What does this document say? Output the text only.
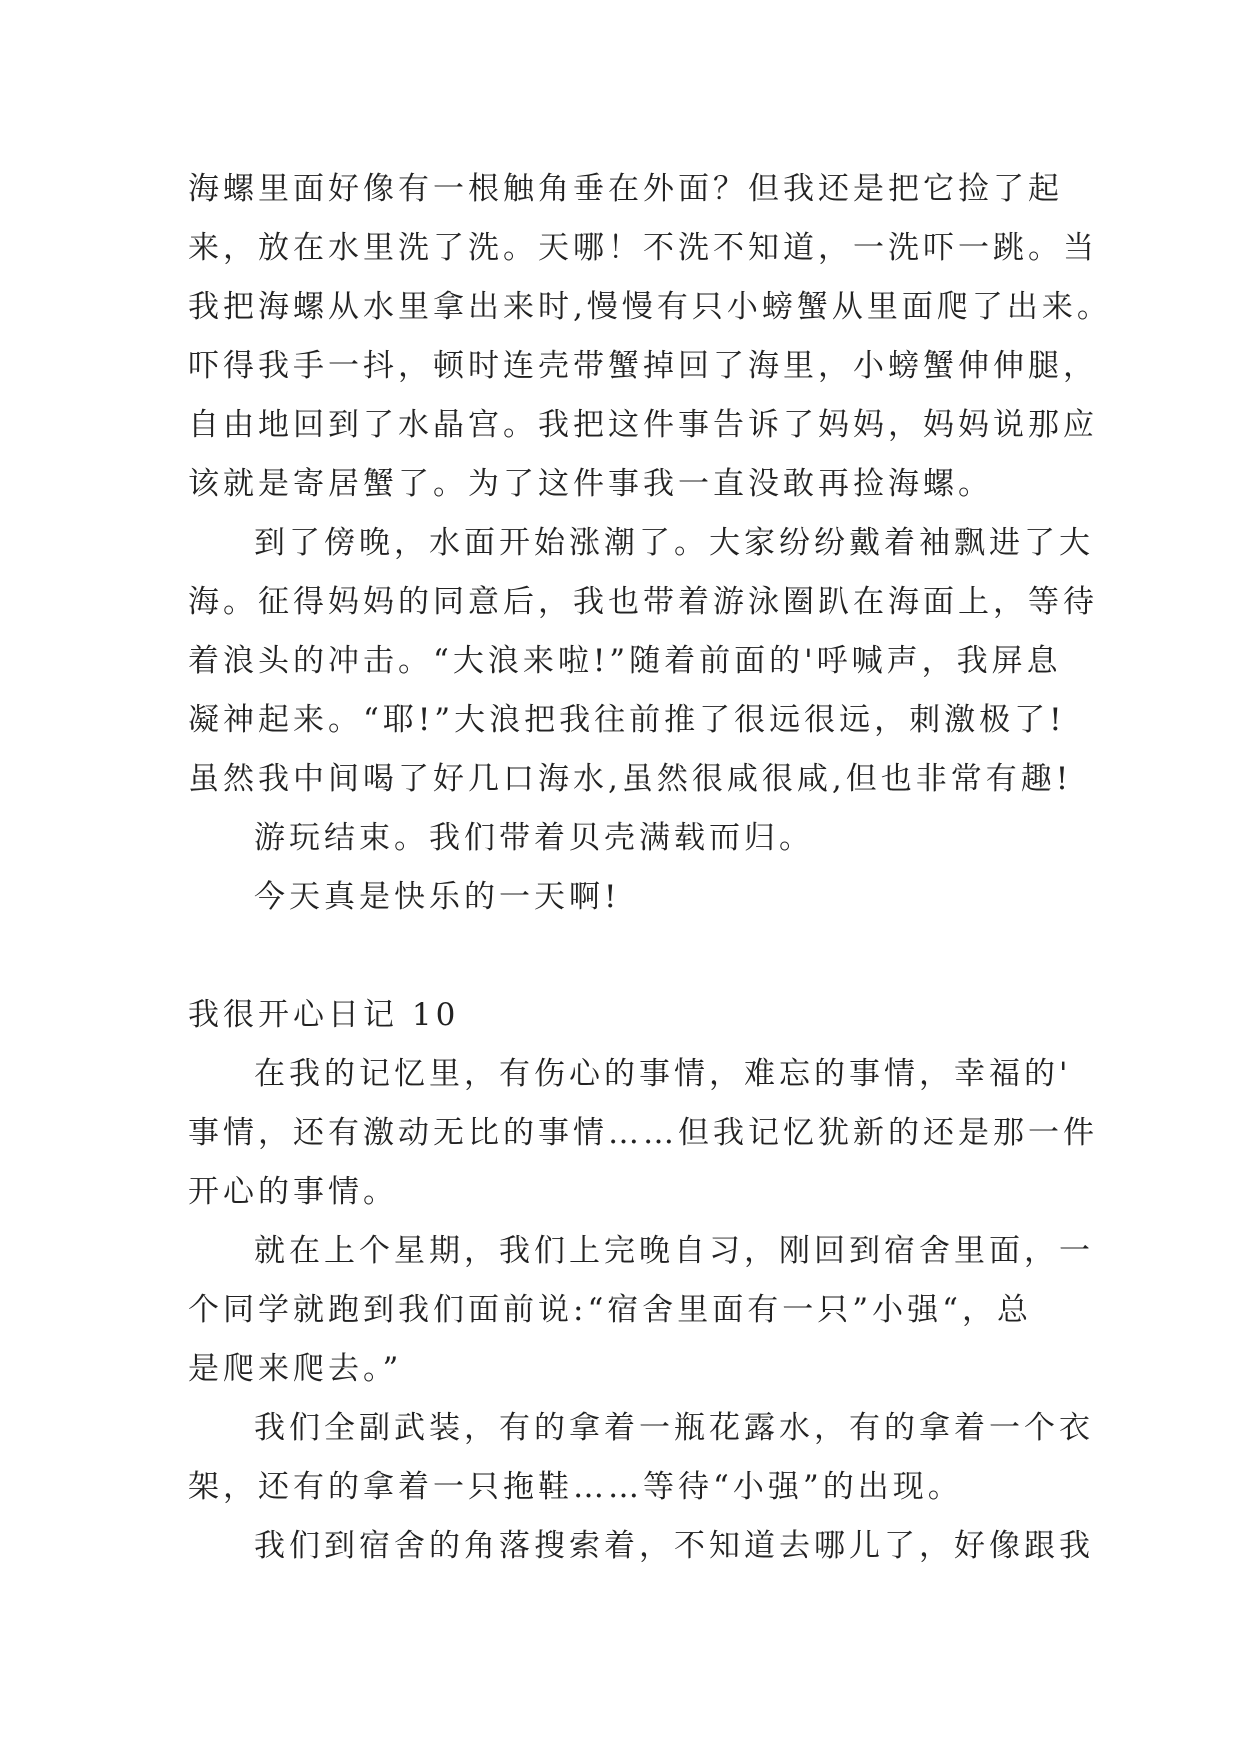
海螺里面好像有一根触角垂在外面？但我还是把它捡了起
来，放在水里洗了洗。天哪！不洗不知道，一洗吓一跳。当
我把海螺从水里拿出来时,慢慢有只小螃蟹从里面爬了出来。
吓得我手一抖，顿时连壳带蟹掉回了海里，小螃蟹伸伸腿，
自由地回到了水晶宫。我把这件事告诉了妈妈，妈妈说那应
该就是寄居蟹了。为了这件事我一直没敢再捡海螺。
到了傍晚，水面开始涨潮了。大家纷纷戴着袖飘进了大
海。征得妈妈的同意后，我也带着游泳圈趴在海面上，等待
着浪头的冲击。“大浪来啦!”随着前面的'呼喊声，我屏息
凝神起来。“耶!”大浪把我往前推了很远很远，刺激极了!
虽然我中间喝了好几口海水,虽然很咸很咸,但也非常有趣!
游玩结束。我们带着贝壳满载而归。
今天真是快乐的一天啊!
我很开心日记 10
在我的记忆里，有伤心的事情，难忘的事情，幸福的'
事情，还有激动无比的事情……但我记忆犹新的还是那一件
开心的事情。
就在上个星期，我们上完晚自习，刚回到宿舍里面，一
个同学就跑到我们面前说:“宿舍里面有一只”小强“，总
是爬来爬去。”
我们全副武装，有的拿着一瓶花露水，有的拿着一个衣
架，还有的拿着一只拖鞋……等待“小强”的出现。
我们到宿舍的角落搜索着，不知道去哪儿了，好像跟我
